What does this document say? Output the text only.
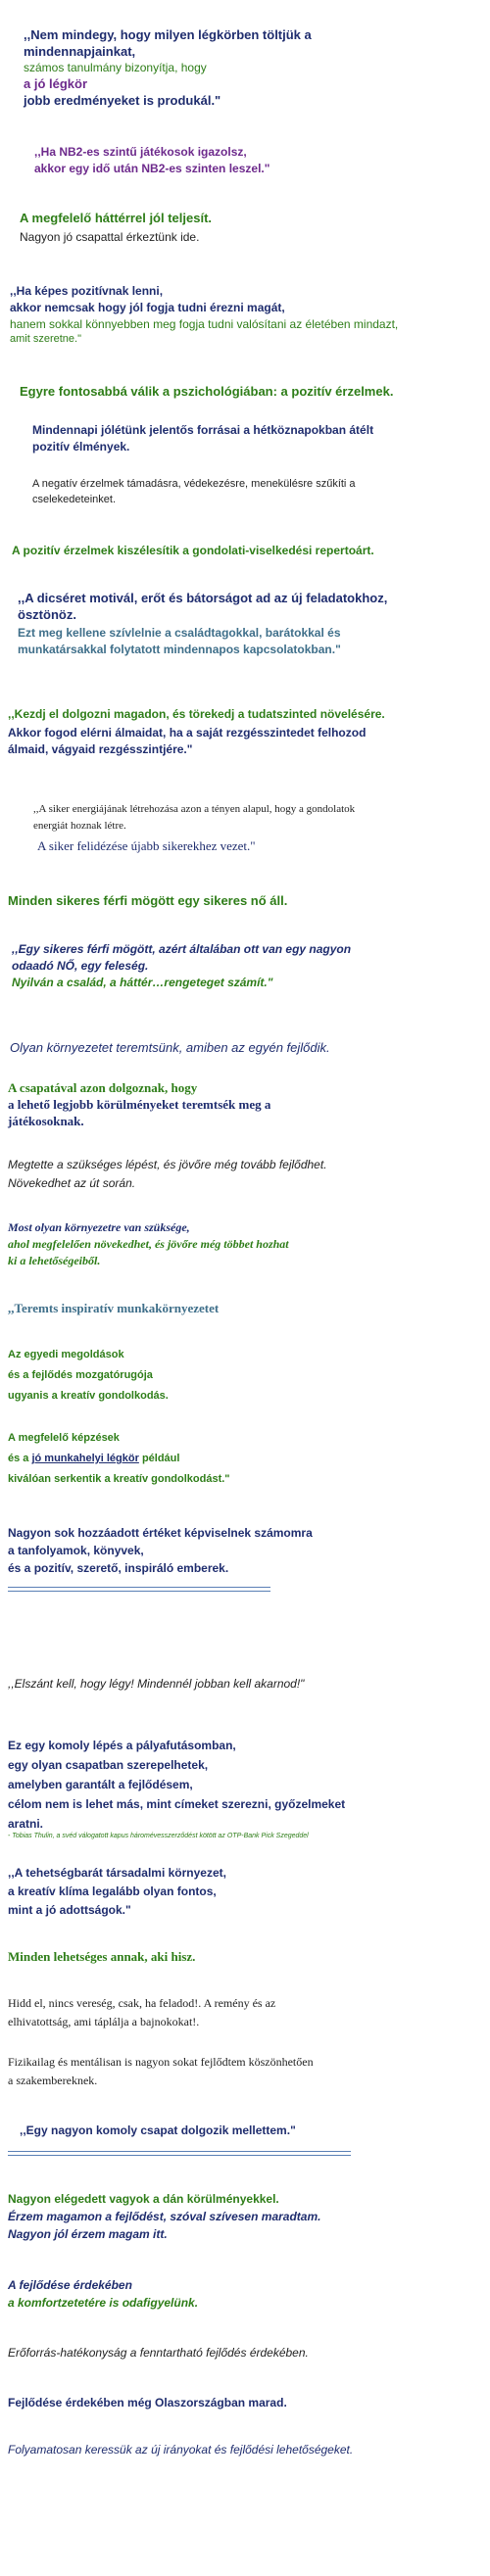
,,Nem mindegy, hogy milyen légkörben töltjük a
mindennapjainkat,
számos tanulmány bizonyítja, hogy
a jó légkör
jobb eredményeket is produkál."
,,Ha NB2-es szintű játékosok igazolsz,
akkor egy idő után NB2-es szinten leszel."
A megfelelő háttérrel jól teljesít.
Nagyon jó csapattal érkeztünk ide.
,,Ha képes pozitívnak lenni,
akkor nemcsak hogy jól fogja tudni érezni magát,
hanem sokkal könnyebben meg fogja tudni valósítani az életében mindazt,
amit szeretne."
Egyre fontosabbá válik a pszichológiában: a pozitív érzelmek.
Mindennapi jólétünk jelentős forrásai a hétköznapokban átélt
pozitív élmények.
A negatív érzelmek támadásra, védekezésre, menekülésre szűkíti a
cselekedeteinket.
A pozitív érzelmek kiszélesítik a gondolati-viselkedési repertoárt.
,,A dicséret motivál, erőt és bátorságot ad az új feladatokhoz,
ösztönöz.
Ezt meg kellene szívlelnie a családtagokkal, barátokkal és
munkatársakkal folytatott mindennapos kapcsolatokban."
,,Kezdj el dolgozni magadon, és törekedj a tudatszinted növelésére.
Akkor fogod elérni álmaidat, ha a saját rezgésszintedet felhozod
álmaid, vágyaid rezgésszintjére."
,,A siker energiájának létrehozása azon a tényen alapul, hogy a gondolatok
energiát hoznak létre.
A siker felidézése újabb sikerekhez vezet."
Minden sikeres férfi mögött egy sikeres nő áll.
,,Egy sikeres férfi mögött, azért általában ott van egy nagyon
odaadó NŐ, egy feleség.
Nyilván a család, a háttér…rengeteget számít."
Olyan környezetet teremtsünk, amiben az egyén fejlődik.
A csapatával azon dolgoznak, hogy
a lehető legjobb körülményeket teremtsék meg a
játékosoknak.
Megtette a szükséges lépést, és jövőre még tovább fejlődhet.
Növekedhet az út során.
Most olyan környezetre van szüksége,
ahol megfelelően növekedhet, és jövőre még többet hozhat
ki a lehetőségeiből.
,,Teremts inspiratív munkakörnyezetet
Az egyedi megoldások
és a fejlődés mozgatórugója
ugyanis a kreatív gondolkodás.
A megfelelő képzések
és a jó munkahelyi légkör például
kiválóan serkentik a kreatív gondolkodást."
Nagyon sok hozzáadott értéket képviselnek számomra
a tanfolyamok, könyvek,
és a pozitív, szerető, inspiráló emberek.
,,Elszánt kell, hogy légy! Mindennél jobban kell akarnod!"
Ez egy komoly lépés a pályafutásomban,
egy olyan csapatban szerepelhetek,
amelyben garantált a fejlődésem,
célom nem is lehet más, mint címeket szerezni, győzelmeket
aratni.
- Tobias Thulin, a svéd válogatott kapus háromévesszerződést kötött az OTP-Bank Pick Szegeddel
,,A tehetségbarát társadalmi környezet,
a kreatív klíma legalább olyan fontos,
mint a jó adottságok."
Minden lehetséges annak, aki hisz.
Hidd el, nincs vereség, csak, ha feladod!. A remény és az
elhivatottság, ami táplálja a bajnokokat!.
Fizikailag és mentálisan is nagyon sokat fejlődtem köszönhetően
a szakembereknek.
,,Egy nagyon komoly csapat dolgozik mellettem."
Nagyon elégedett vagyok a dán körülményekkel.
Érzem magamon a fejlődést, szóval szívesen maradtam.
Nagyon jól érzem magam itt.
A fejlődése érdekében
a komfortzetetére is odafigyelünk.
Erőforrás-hatékonyság a fenntartható fejlődés érdekében.
Fejlődése érdekében még Olaszországban marad.
Folyamatosan keressük az új irányokat és fejlődési lehetőségeket.
